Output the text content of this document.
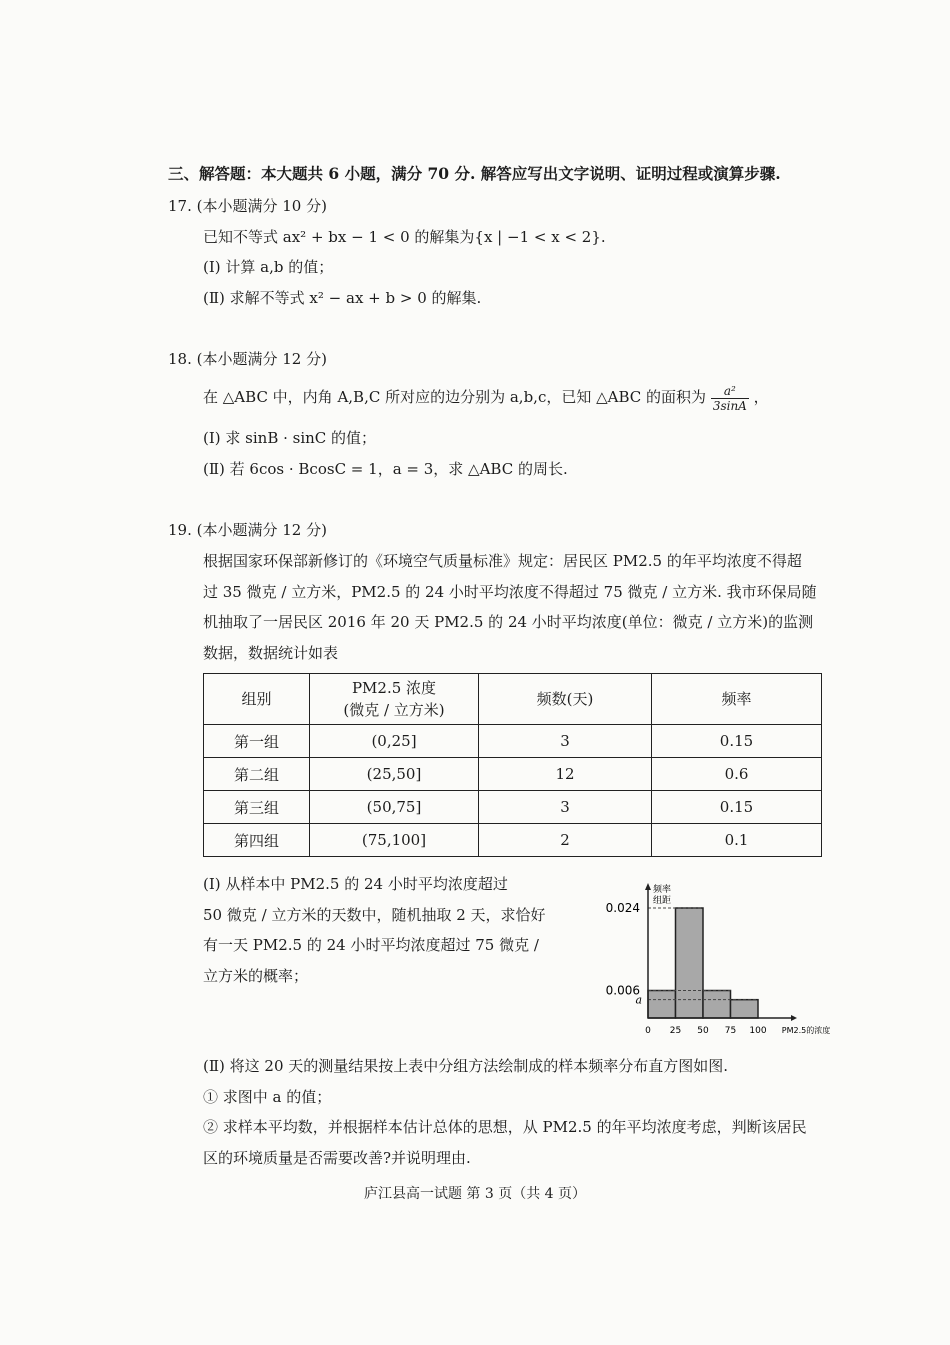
三、解答题：本大题共 6 小题，满分 70 分. 解答应写出文字说明、证明过程或演算步骤.
17. (本小题满分 10 分)
已知不等式 ax² + bx − 1 < 0 的解集为{x | −1 < x < 2}.
(Ⅰ) 计算 a,b 的值；
(Ⅱ) 求解不等式 x² − ax + b > 0 的解集.
18. (本小题满分 12 分)
在 △ABC 中，内角 A,B,C 所对应的边分别为 a,b,c，已知 △ABC 的面积为 $\frac{\text{a²}}{3\sin A}$ ，
(Ⅰ) 求 sinB · sinC 的值；
(Ⅱ) 若 6cos · BcosC = 1，a = 3，求 △ABC 的周长.
19. (本小题满分 12 分)
根据国家环保部新修订的《环境空气质量标准》规定：居民区 PM2.5 的年平均浓度不得超
过 35 微克 / 立方米，PM2.5 的 24 小时平均浓度不得超过 75 微克 / 立方米. 我市环保局随
机抽取了一居民区 2016 年 20 天 PM2.5 的 24 小时平均浓度(单位：微克 / 立方米)的监测
数据，数据统计如表
组别	PM2.5 浓度
(微克 / 立方米)	频数(天)	频率
第一组	(0,25]	3	0.15
第二组	(25,50]	12	0.6
第三组	(50,75]	3	0.15
第四组	(75,100]	2	0.1
(Ⅰ) 从样本中 PM2.5 的 24 小时平均浓度超过
50 微克 / 立方米的天数中，随机抽取 2 天，求恰好
有一天 PM2.5 的 24 小时平均浓度超过 75 微克 /
立方米的概率；
频率
组距
0.024
0.006
a
0 25 50 75 100 PM2.5的浓度
(Ⅱ) 将这 20 天的测量结果按上表中分组方法绘制成的样本频率分布直方图如图.
① 求图中 a 的值；
② 求样本平均数，并根据样本估计总体的思想，从 PM2.5 的年平均浓度考虑，判断该居民
区的环境质量是否需要改善?并说明理由.
庐江县高一试题 第 3 页（共 4 页）
